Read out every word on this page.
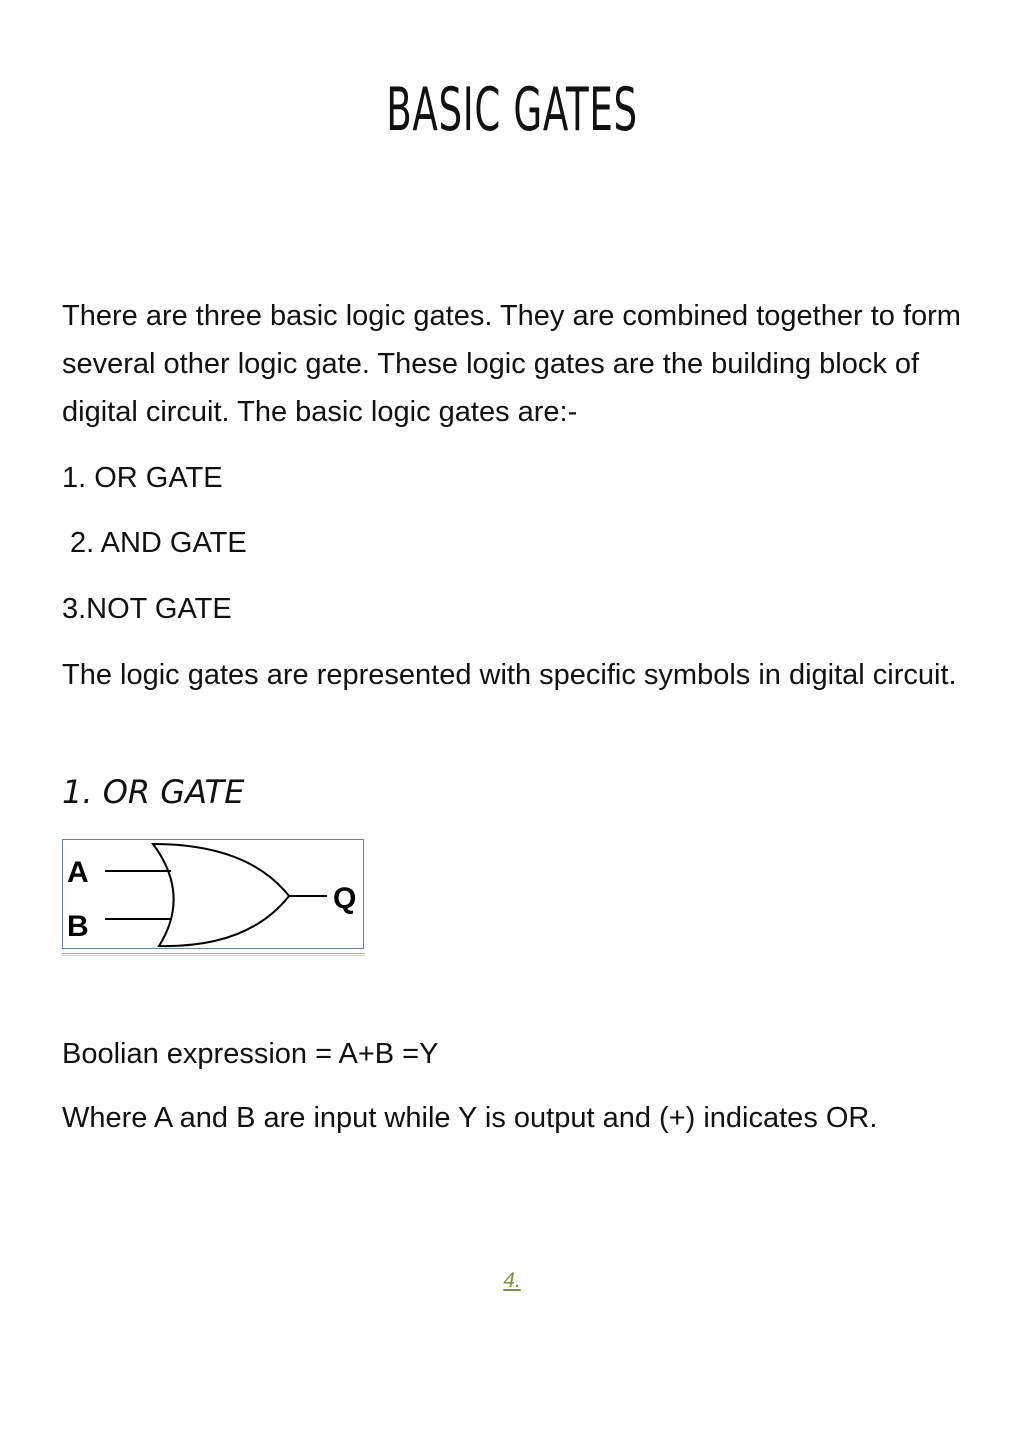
BASIC GATES
There are three basic logic gates. They are combined together to form several other logic gate. These logic gates are the building block of digital circuit. The basic logic gates are:-
1. OR GATE
2. AND GATE
3.NOT GATE
The logic gates are represented with specific symbols in digital circuit.
1. OR GATE
A
B
Q
Boolian expression = A+B =Y
Where A and B are input while Y is output and (+) indicates OR.
4.
